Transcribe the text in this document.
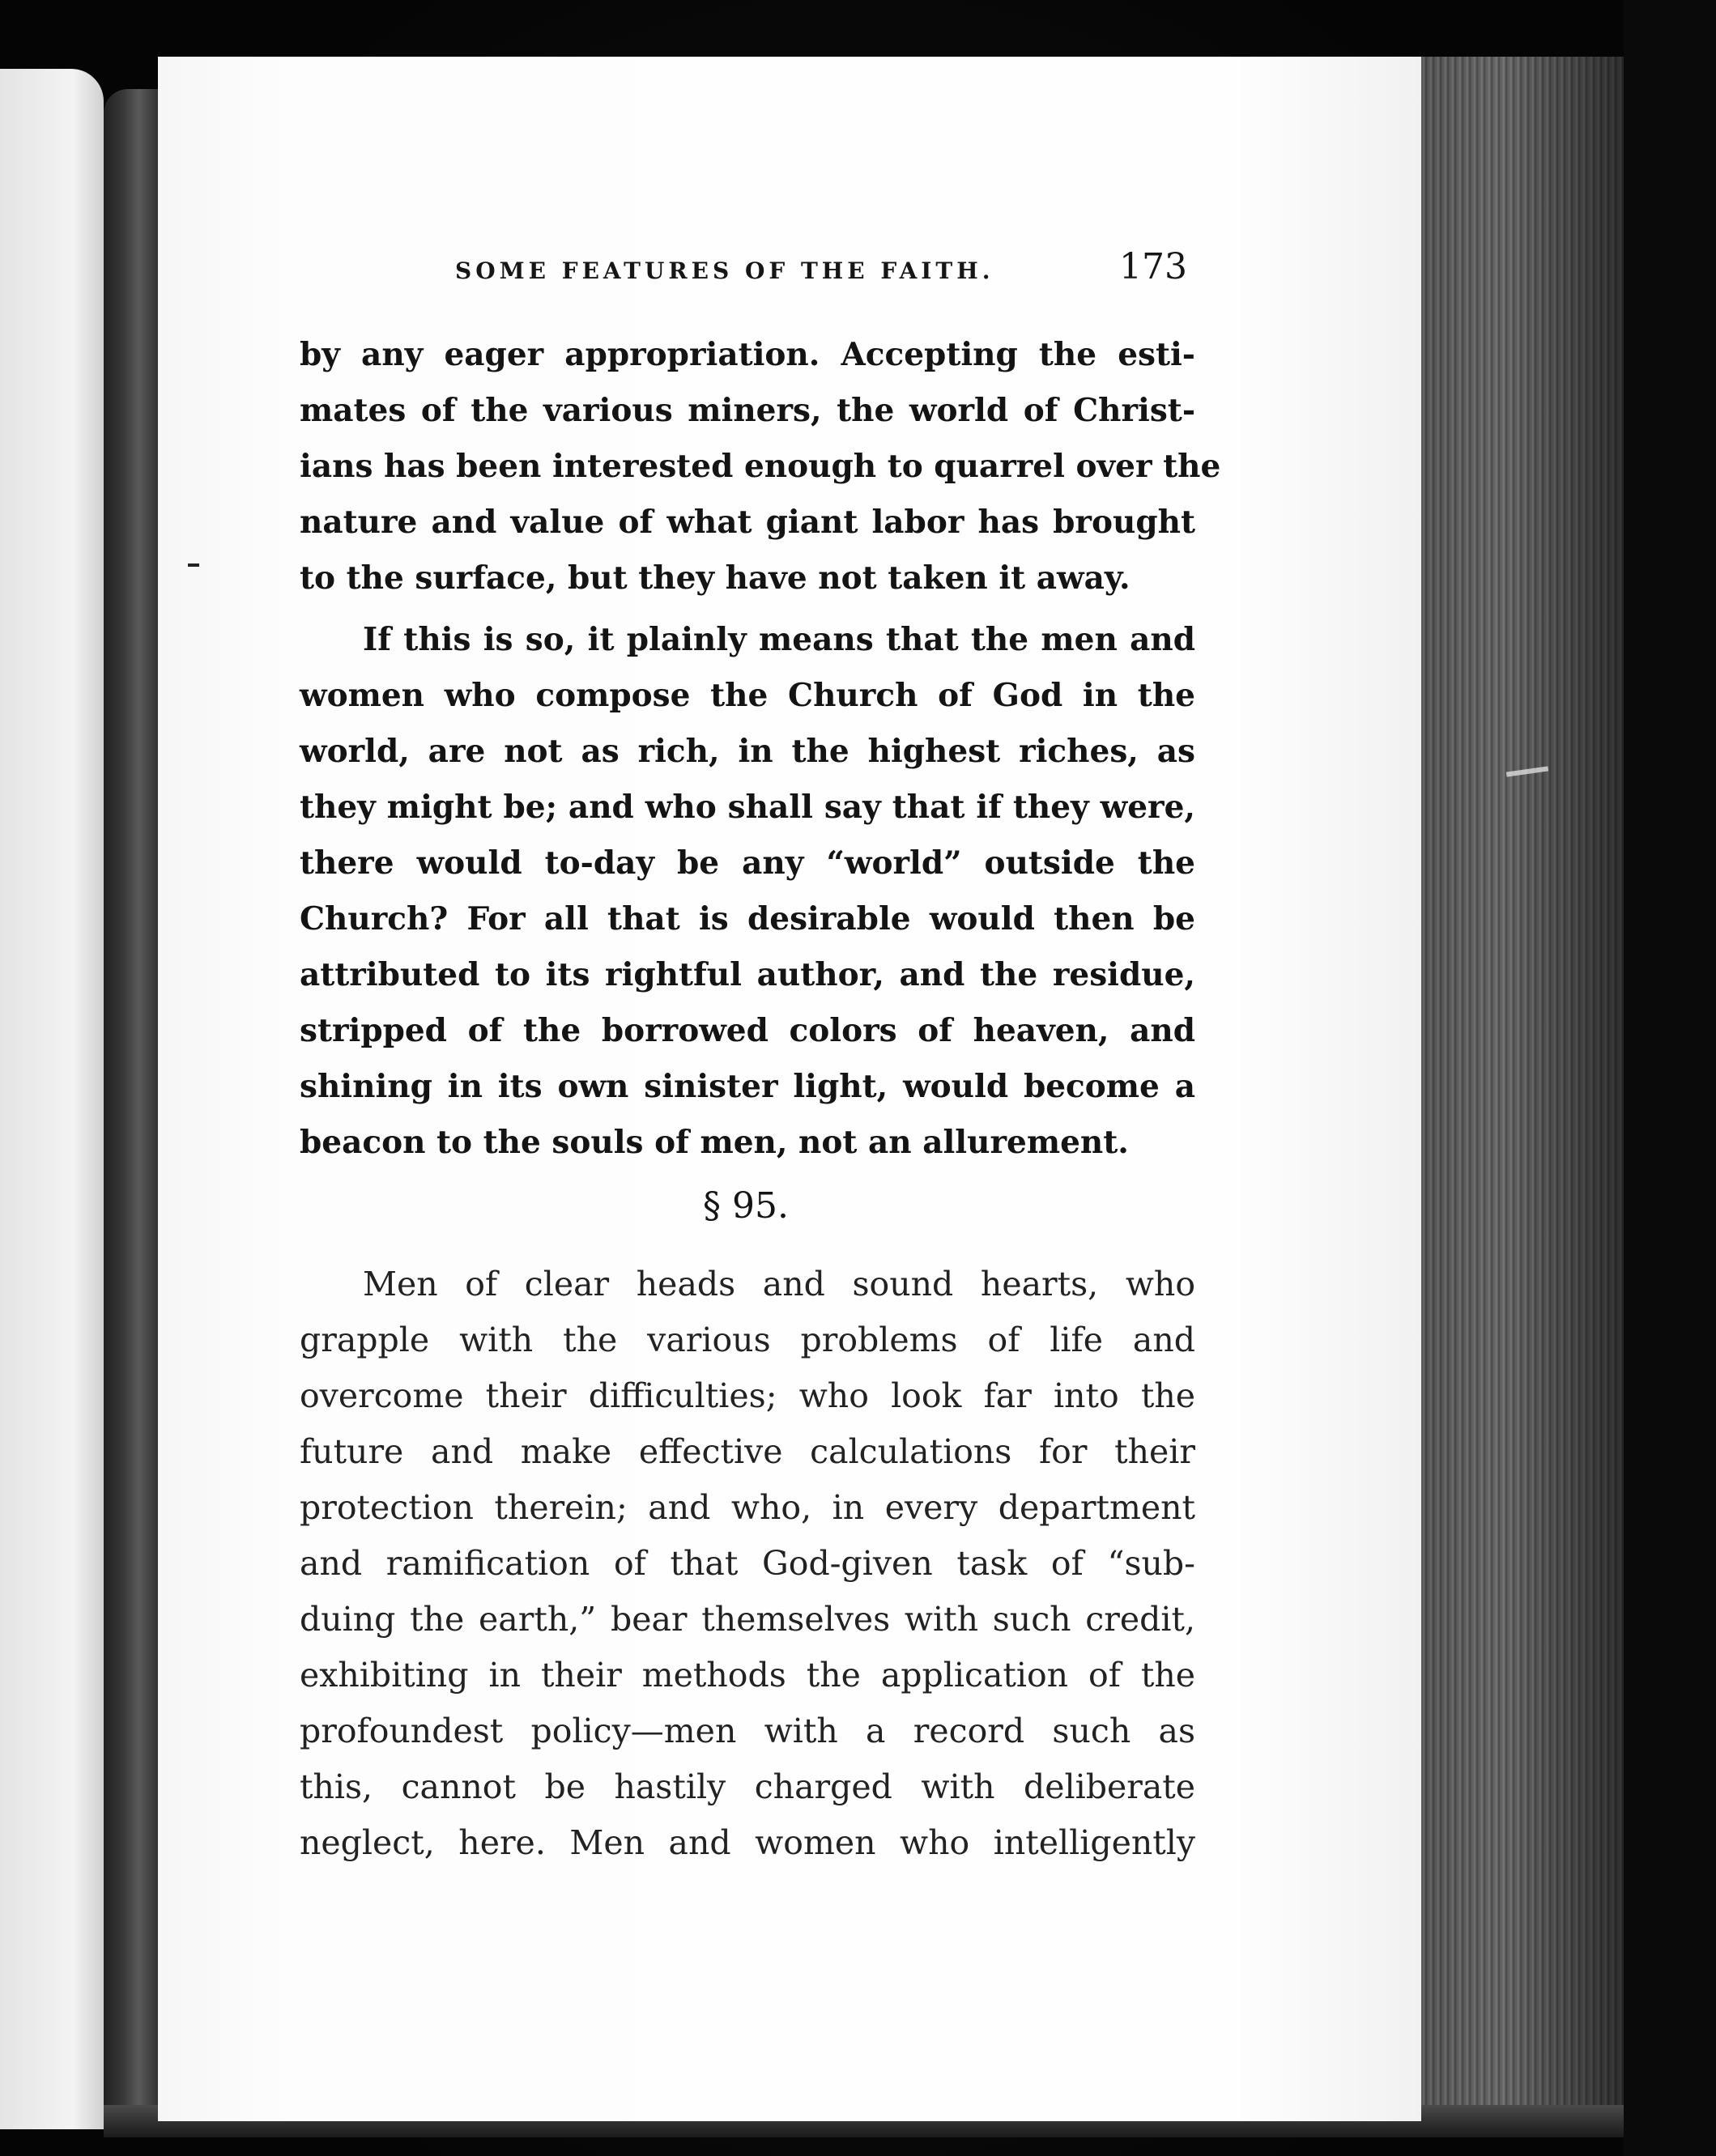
SOME FEATURES OF THE FAITH.	173
by any eager appropriation. Accepting the esti-
mates of the various miners, the world of Christ-
ians has been interested enough to quarrel over the
nature and value of what giant labor has brought
to the surface, but they have not taken it away.
If this is so, it plainly means that the men and
women who compose the Church of God in the
world, are not as rich, in the highest riches, as
they might be; and who shall say that if they were,
there would to-day be any “world” outside the
Church? For all that is desirable would then be
attributed to its rightful author, and the residue,
stripped of the borrowed colors of heaven, and
shining in its own sinister light, would become a
beacon to the souls of men, not an allurement.
§ 95.
Men of clear heads and sound hearts, who
grapple with the various problems of life and
overcome their difficulties; who look far into the
future and make effective calculations for their
protection therein; and who, in every department
and ramification of that God-given task of “sub-
duing the earth,” bear themselves with such credit,
exhibiting in their methods the application of the
profoundest policy—men with a record such as
this, cannot be hastily charged with deliberate
neglect, here. Men and women who intelligently
